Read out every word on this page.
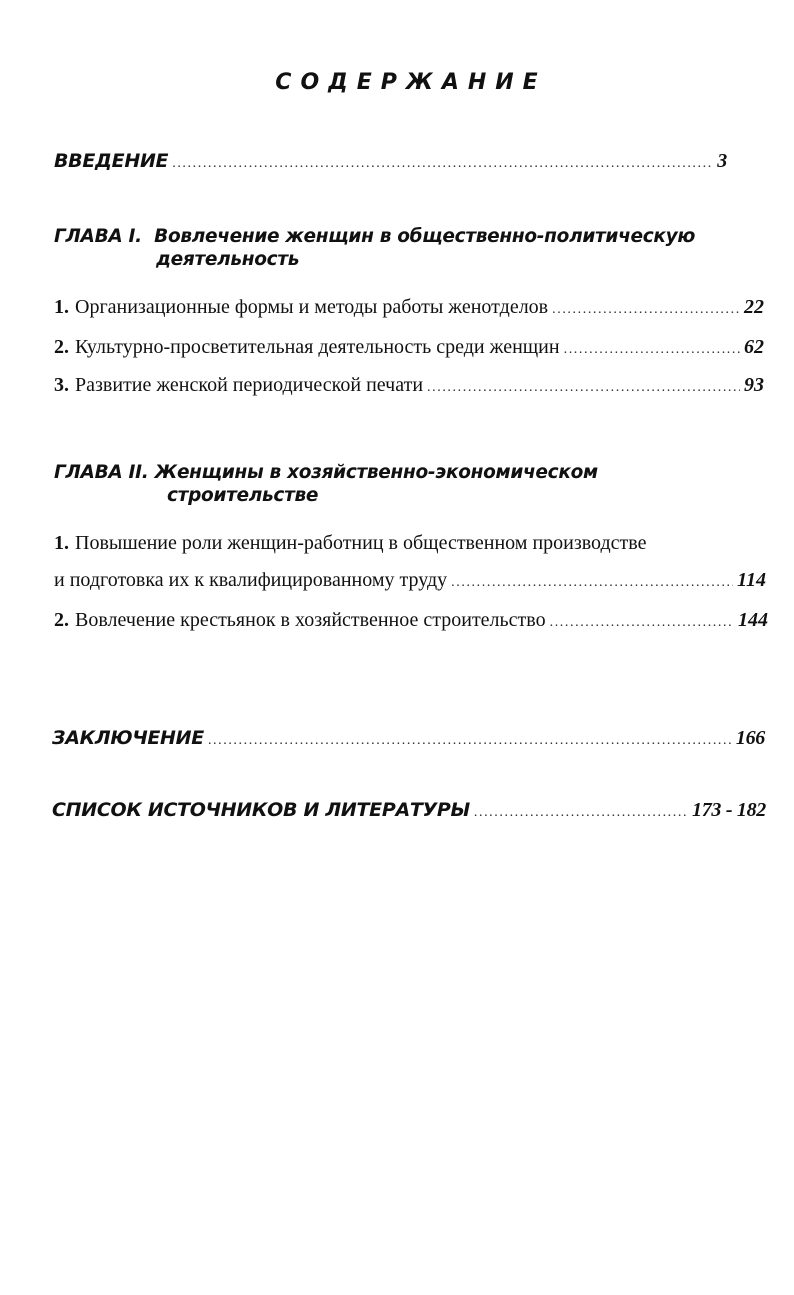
СОДЕРЖАНИЕ
ВВЕДЕНИЕ .....	3
ГЛАВА I. Вовлечение женщин в общественно-политическую
деятельность
1. Организационные формы и методы работы женотделов .....	22
2. Культурно-просветительная деятельность среди женщин .....	62
3. Развитие женской периодической печати .....	93
ГЛАВА II. Женщины в хозяйственно-экономическом
строительстве
1. Повышение роли женщин-работниц в общественном производстве
и подготовка их к квалифицированному труду .....	114
2. Вовлечение крестьянок в хозяйственное строительство .....	144
ЗАКЛЮЧЕНИЕ .....	166
СПИСОК ИСТОЧНИКОВ И ЛИТЕРАТУРЫ .....	173 - 182
